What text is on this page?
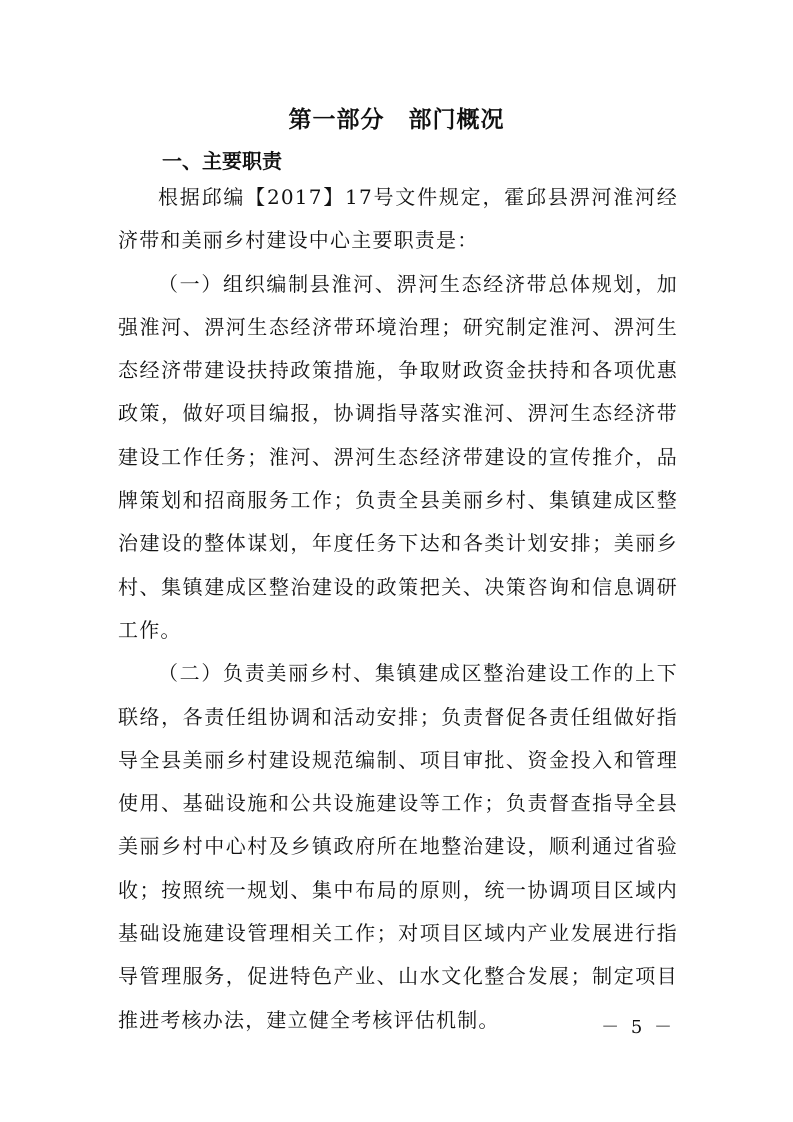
第一部分 部门概况
一、主要职责

根据邱编【2017】17号文件规定，霍邱县淠河淮河经济带和美丽乡村建设中心主要职责是：

（一）组织编制县淮河、淠河生态经济带总体规划，加强淮河、淠河生态经济带环境治理；研究制定淮河、淠河生态经济带建设扶持政策措施，争取财政资金扶持和各项优惠政策，做好项目编报，协调指导落实淮河、淠河生态经济带建设工作任务；淮河、淠河生态经济带建设的宣传推介，品牌策划和招商服务工作；负责全县美丽乡村、集镇建成区整治建设的整体谋划，年度任务下达和各类计划安排；美丽乡村、集镇建成区整治建设的政策把关、决策咨询和信息调研工作。

（二）负责美丽乡村、集镇建成区整治建设工作的上下联络，各责任组协调和活动安排；负责督促各责任组做好指导全县美丽乡村建设规范编制、项目审批、资金投入和管理使用、基础设施和公共设施建设等工作；负责督查指导全县美丽乡村中心村及乡镇政府所在地整治建设，顺利通过省验收；按照统一规划、集中布局的原则，统一协调项目区域内基础设施建设管理相关工作；对项目区域内产业发展进行指导管理服务，促进特色产业、山水文化整合发展；制定项目推进考核办法，建立健全考核评估机制。	－ 5 －
